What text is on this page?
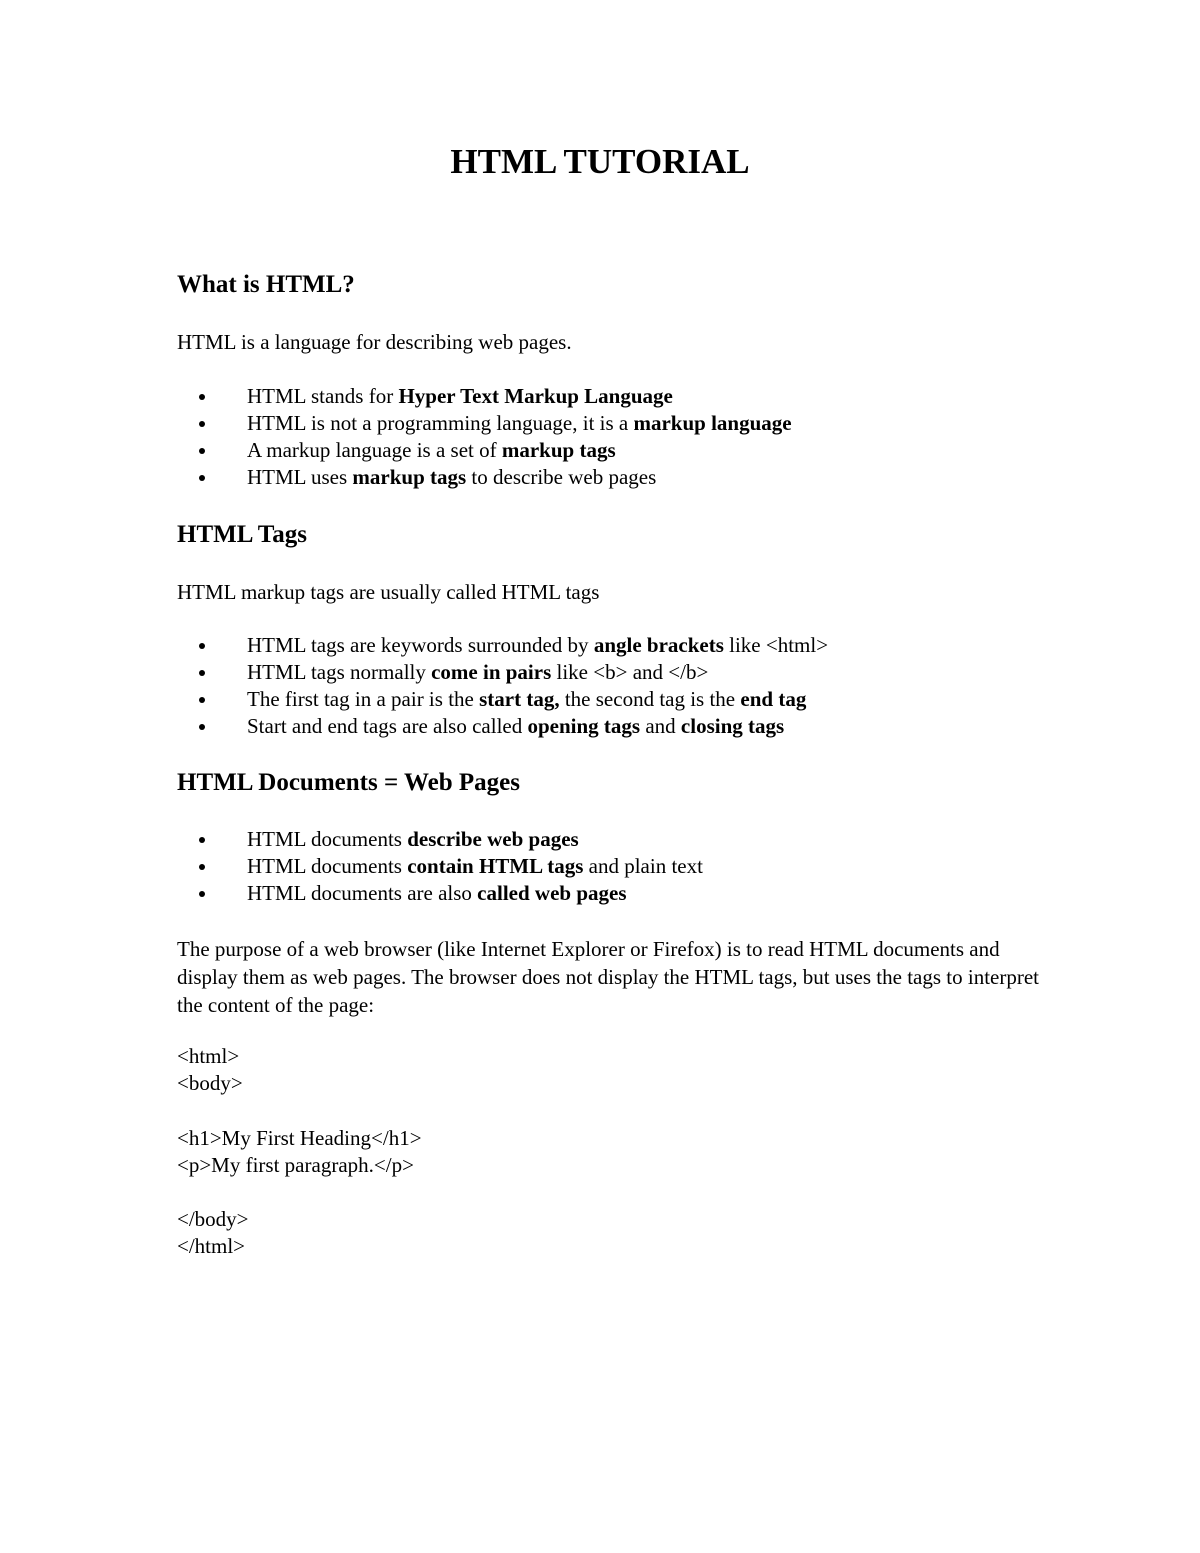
HTML TUTORIAL
What is HTML?

HTML is a language for describing web pages.

HTML stands for Hyper Text Markup Language
HTML is not a programming language, it is a markup language
A markup language is a set of markup tags
HTML uses markup tags to describe web pages
HTML Tags

HTML markup tags are usually called HTML tags

HTML tags are keywords surrounded by angle brackets like <html>
HTML tags normally come in pairs like <b> and </b>
The first tag in a pair is the start tag, the second tag is the end tag
Start and end tags are also called opening tags and closing tags
HTML Documents = Web Pages
HTML documents describe web pages
HTML documents contain HTML tags and plain text
HTML documents are also called web pages

The purpose of a web browser (like Internet Explorer or Firefox) is to read HTML documents and display them as web pages. The browser does not display the HTML tags, but uses the tags to interpret the content of the page:

<html>
<body>
<h1>My First Heading</h1>
<p>My first paragraph.</p>
</body>
</html>
